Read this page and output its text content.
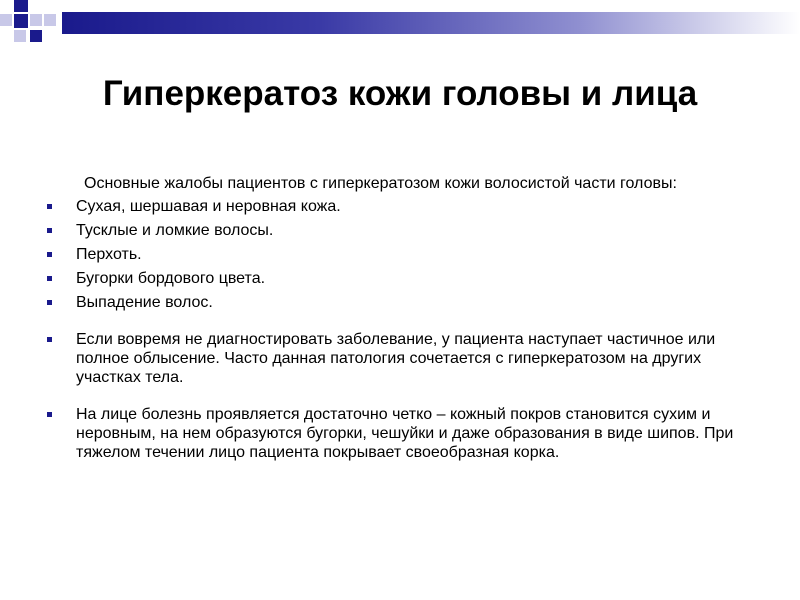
Гиперкератоз кожи головы и лица

Основные жалобы пациентов с гиперкератозом кожи волосистой части головы:

Сухая, шершавая и неровная кожа.
Тусклые и ломкие волосы.
Перхоть.
Бугорки бордового цвета.
Выпадение волос.
Если вовремя не диагностировать заболевание, у пациента наступает частичное или полное облысение. Часто данная патология сочетается с гиперкератозом на других участках тела.
На лице болезнь проявляется достаточно четко – кожный покров становится сухим и неровным, на нем образуются бугорки, чешуйки и даже образования в виде шипов. При тяжелом течении лицо пациента покрывает своеобразная корка.
